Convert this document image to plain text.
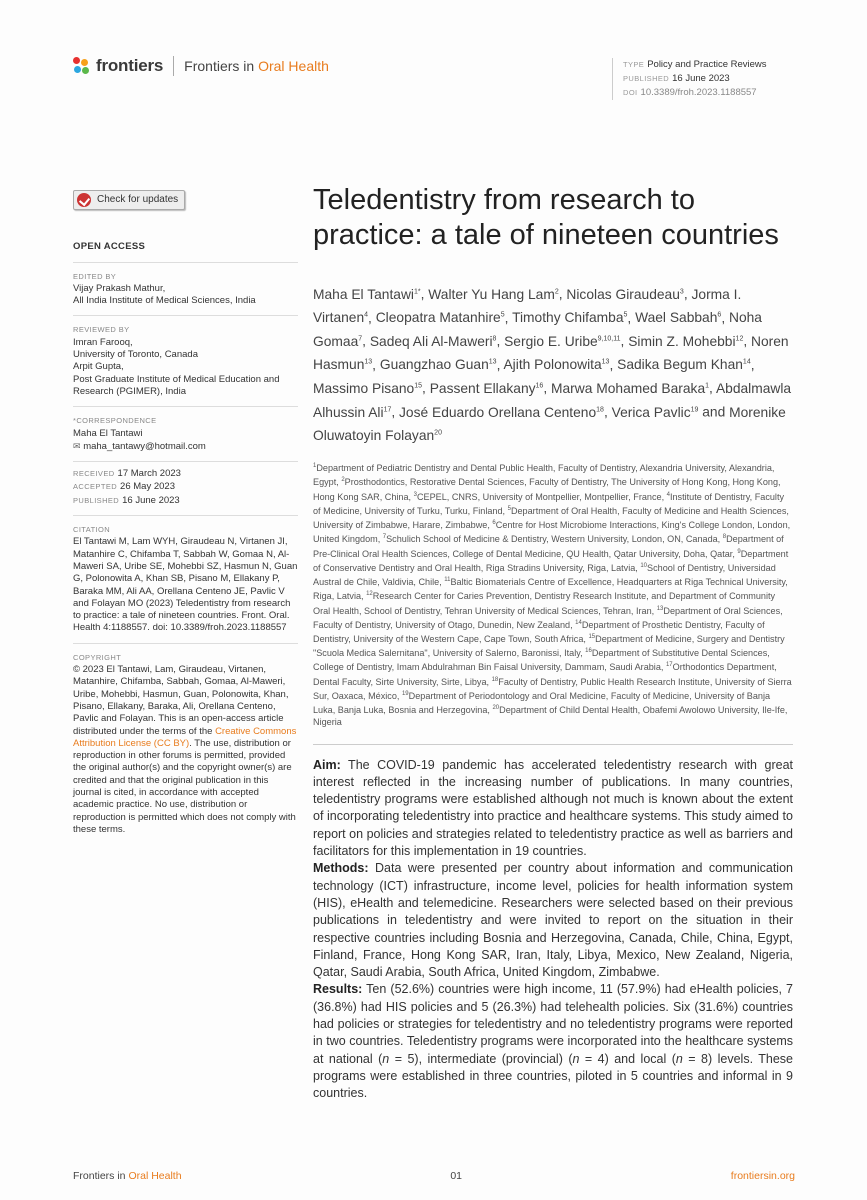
frontiers Frontiers in Oral Health	TYPE Policy and Practice Reviews
PUBLISHED 16 June 2023
DOI 10.3389/froh.2023.1188557
Check for updates
OPEN ACCESS
EDITED BY
Vijay Prakash Mathur,
All India Institute of Medical Sciences, India
REVIEWED BY
Imran Farooq,
University of Toronto, Canada
Arpit Gupta,
Post Graduate Institute of Medical Education and Research (PGIMER), India
*CORRESPONDENCE
Maha El Tantawi
✉ maha_tantawy@hotmail.com
RECEIVED 17 March 2023
ACCEPTED 26 May 2023
PUBLISHED 16 June 2023
CITATION
El Tantawi M, Lam WYH, Giraudeau N, Virtanen JI, Matanhire C, Chifamba T, Sabbah W, Gomaa N, Al-Maweri SA, Uribe SE, Mohebbi SZ, Hasmun N, Guan G, Polonowita A, Khan SB, Pisano M, Ellakany P, Baraka MM, Ali AA, Orellana Centeno JE, Pavlic V and Folayan MO (2023) Teledentistry from research to practice: a tale of nineteen countries. Front. Oral. Health 4:1188557. doi: 10.3389/froh.2023.1188557
COPYRIGHT
© 2023 El Tantawi, Lam, Giraudeau, Virtanen, Matanhire, Chifamba, Sabbah, Gomaa, Al-Maweri, Uribe, Mohebbi, Hasmun, Guan, Polonowita, Khan, Pisano, Ellakany, Baraka, Ali, Orellana Centeno, Pavlic and Folayan. This is an open-access article distributed under the terms of the Creative Commons Attribution License (CC BY). The use, distribution or reproduction in other forums is permitted, provided the original author(s) and the copyright owner(s) are credited and that the original publication in this journal is cited, in accordance with accepted academic practice. No use, distribution or reproduction is permitted which does not comply with these terms.
Teledentistry from research to practice: a tale of nineteen countries
Maha El Tantawi$^{1*}$, Walter Yu Hang Lam$^2$, Nicolas Giraudeau$^3$, Jorma I. Virtanen$^4$, Cleopatra Matanhire$^5$, Timothy Chifamba$^5$, Wael Sabbah$^6$, Noha Gomaa$^7$, Sadeq Ali Al-Maweri$^8$, Sergio E. Uribe$^{9,10,11}$, Simin Z. Mohebbi$^{12}$, Noren Hasmun$^{13}$, Guangzhao Guan$^{13}$, Ajith Polonowita$^{13}$, Sadika Begum Khan$^{14}$, Massimo Pisano$^{15}$, Passent Ellakany$^{16}$, Marwa Mohamed Baraka$^1$, Abdalmawla Alhussin Ali$^{17}$, José Eduardo Orellana Centeno$^{18}$, Verica Pavlic$^{19}$ and Morenike Oluwatoyin Folayan$^{20}$
$^1$Department of Pediatric Dentistry and Dental Public Health, Faculty of Dentistry, Alexandria University, Alexandria, Egypt, $^2$Prosthodontics, Restorative Dental Sciences, Faculty of Dentistry, The University of Hong Kong, Hong Kong, Hong Kong SAR, China, $^3$CEPEL, CNRS, University of Montpellier, Montpellier, France, $^4$Institute of Dentistry, Faculty of Medicine, University of Turku, Turku, Finland, $^5$Department of Oral Health, Faculty of Medicine and Health Sciences, University of Zimbabwe, Harare, Zimbabwe, $^6$Centre for Host Microbiome Interactions, King's College London, London, United Kingdom, $^7$Schulich School of Medicine & Dentistry, Western University, London, ON, Canada, $^8$Department of Pre-Clinical Oral Health Sciences, College of Dental Medicine, QU Health, Qatar University, Doha, Qatar, $^9$Department of Conservative Dentistry and Oral Health, Riga Stradins University, Riga, Latvia, $^{10}$School of Dentistry, Universidad Austral de Chile, Valdivia, Chile, $^{11}$Baltic Biomaterials Centre of Excellence, Headquarters at Riga Technical University, Riga, Latvia, $^{12}$Research Center for Caries Prevention, Dentistry Research Institute, and Department of Community Oral Health, School of Dentistry, Tehran University of Medical Sciences, Tehran, Iran, $^{13}$Department of Oral Sciences, Faculty of Dentistry, University of Otago, Dunedin, New Zealand, $^{14}$Department of Prosthetic Dentistry, Faculty of Dentistry, University of the Western Cape, Cape Town, South Africa, $^{15}$Department of Medicine, Surgery and Dentistry "Scuola Medica Salernitana", University of Salerno, Baronissi, Italy, $^{16}$Department of Substitutive Dental Sciences, College of Dentistry, Imam Abdulrahman Bin Faisal University, Dammam, Saudi Arabia, $^{17}$Orthodontics Department, Dental Faculty, Sirte University, Sirte, Libya, $^{18}$Faculty of Dentistry, Public Health Research Institute, University of Sierra Sur, Oaxaca, México, $^{19}$Department of Periodontology and Oral Medicine, Faculty of Medicine, University of Banja Luka, Banja Luka, Bosnia and Herzegovina, $^{20}$Department of Child Dental Health, Obafemi Awolowo University, Ile-Ife, Nigeria

Aim: The COVID-19 pandemic has accelerated teledentistry research with great interest reflected in the increasing number of publications. In many countries, teledentistry programs were established although not much is known about the extent of incorporating teledentistry into practice and healthcare systems. This study aimed to report on policies and strategies related to teledentistry practice as well as barriers and facilitators for this implementation in 19 countries.

Methods: Data were presented per country about information and communication technology (ICT) infrastructure, income level, policies for health information system (HIS), eHealth and telemedicine. Researchers were selected based on their previous publications in teledentistry and were invited to report on the situation in their respective countries including Bosnia and Herzegovina, Canada, Chile, China, Egypt, Finland, France, Hong Kong SAR, Iran, Italy, Libya, Mexico, New Zealand, Nigeria, Qatar, Saudi Arabia, South Africa, United Kingdom, Zimbabwe.

Results: Ten (52.6%) countries were high income, 11 (57.9%) had eHealth policies, 7 (36.8%) had HIS policies and 5 (26.3%) had telehealth policies. Six (31.6%) countries had policies or strategies for teledentistry and no teledentistry programs were reported in two countries. Teledentistry programs were incorporated into the healthcare systems at national (n = 5), intermediate (provincial) (n = 4) and local (n = 8) levels. These programs were established in three countries, piloted in 5 countries and informal in 9 countries.

Frontiers in Oral Health	01	frontiersin.org
